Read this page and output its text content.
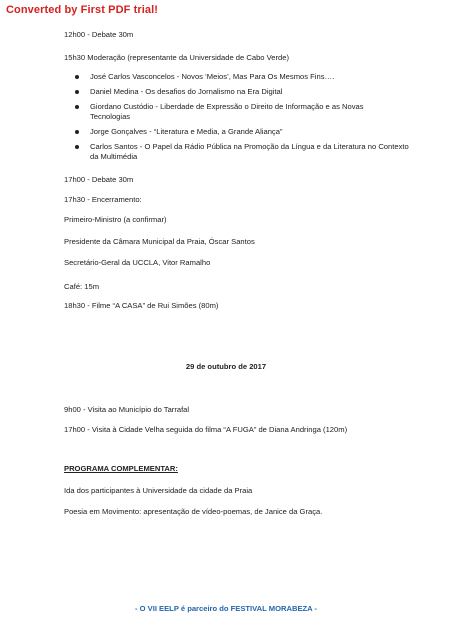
Converted by First PDF trial!
12h00 - Debate 30m
15h30 Moderação (representante da Universidade de Cabo Verde)
José Carlos Vasconcelos - Novos ‘Meios’, Mas Para Os Mesmos Fins….
Daniel Medina - Os desafios do Jornalismo na Era Digital
Giordano Custódio - Liberdade de Expressão o Direito de Informação e as Novas Tecnologias
Jorge Gonçalves - “Literatura e Media, a Grande Aliança”
Carlos Santos - O Papel da Rádio Pública na Promoção da Língua e da Literatura no Contexto da Multimédia
17h00 - Debate 30m
17h30 - Encerramento:
Primeiro-Ministro (a confirmar)
Presidente da Câmara Municipal da Praia, Óscar Santos
Secretário-Geral da UCCLA, Vitor Ramalho
Café: 15m
18h30 - Filme “A CASA” de Rui Simões (80m)
29 de outubro de 2017
9h00 - Visita ao Município do Tarrafal
17h00 - Visita à Cidade Velha seguida do filma “A FUGA” de Diana Andringa (120m)
PROGRAMA COMPLEMENTAR:
Ida dos participantes à Universidade da cidade da Praia
Poesia em Movimento: apresentação de vídeo-poemas, de Janice da Graça.
- O VII EELP é parceiro do FESTIVAL MORABEZA -
